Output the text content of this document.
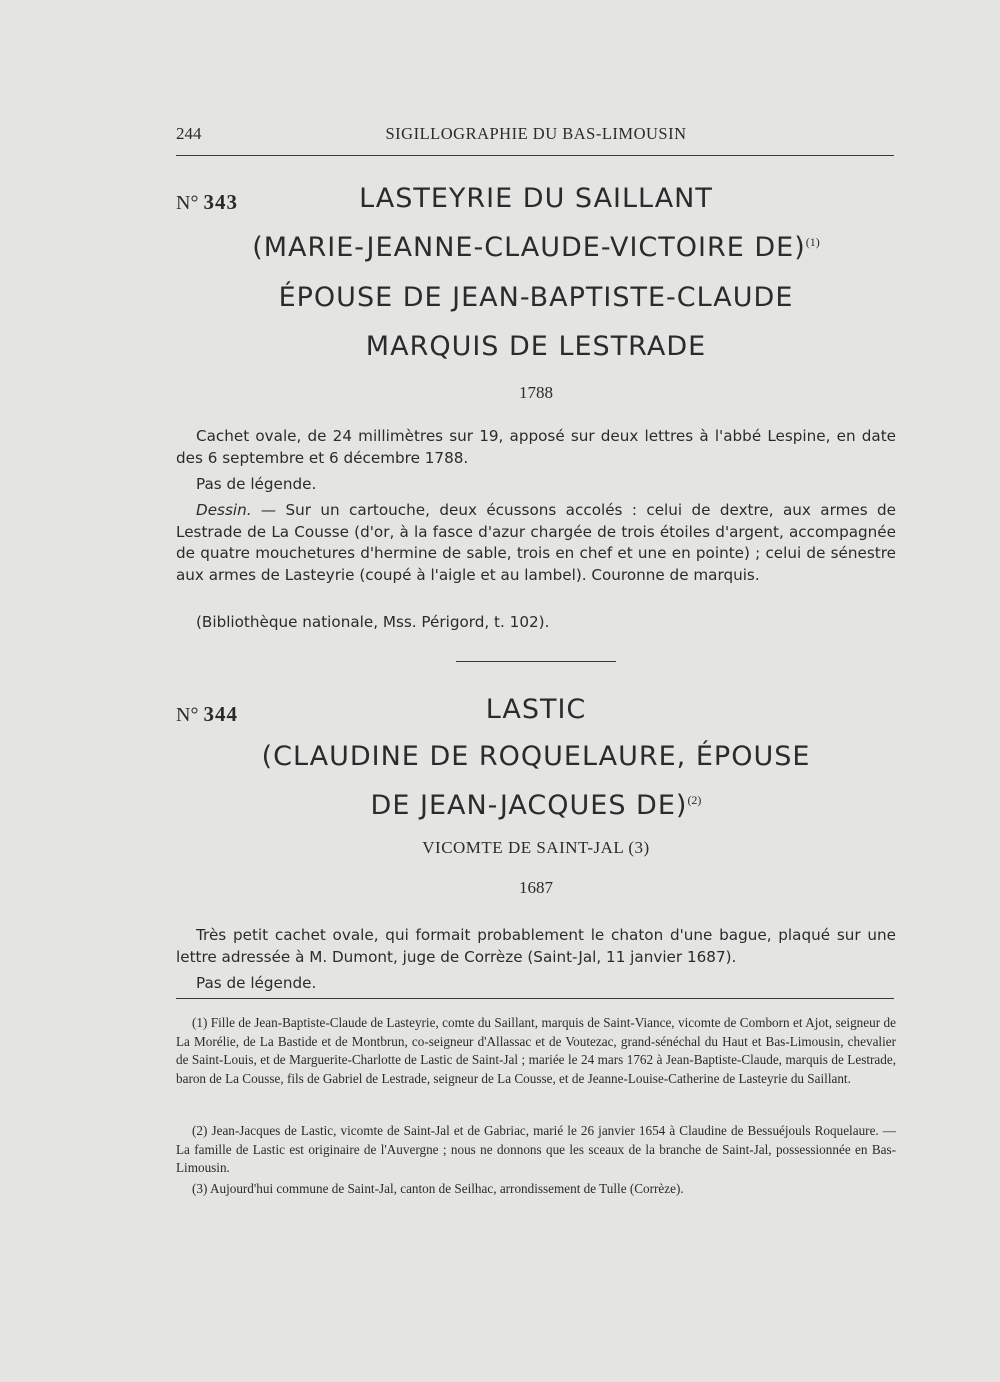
244	SIGILLOGRAPHIE DU BAS-LIMOUSIN
N° 343	LASTEYRIE DU SAILLANT
(MARIE-JEANNE-CLAUDE-VICTOIRE DE)$^{(1)}$
ÉPOUSE DE JEAN-BAPTISTE-CLAUDE
MARQUIS DE LESTRADE
1788
Cachet ovale, de 24 millimètres sur 19, apposé sur deux lettres à l'abbé Lespine, en date des 6 septembre et 6 décembre 1788.
Pas de légende.
Dessin. — Sur un cartouche, deux écussons accolés : celui de dextre, aux armes de Lestrade de La Cousse (d'or, à la fasce d'azur chargée de trois étoiles d'argent, accompagnée de quatre mouchetures d'hermine de sable, trois en chef et une en pointe) ; celui de sénestre aux armes de Lasteyrie (coupé à l'aigle et au lambel). Couronne de marquis.
(Bibliothèque nationale, Mss. Périgord, t. 102).
N° 344	LASTIC
(CLAUDINE DE ROQUELAURE, ÉPOUSE
DE JEAN-JACQUES DE)$^{(2)}$
VICOMTE DE SAINT-JAL (3)
1687
Très petit cachet ovale, qui formait probablement le chaton d'une bague, plaqué sur une lettre adressée à M. Dumont, juge de Corrèze (Saint-Jal, 11 janvier 1687).
Pas de légende.
(1) Fille de Jean-Baptiste-Claude de Lasteyrie, comte du Saillant, marquis de Saint-Viance, vicomte de Comborn et Ajot, seigneur de La Morélie, de La Bastide et de Montbrun, co-seigneur d'Allassac et de Voutezac, grand-sénéchal du Haut et Bas-Limousin, chevalier de Saint-Louis, et de Marguerite-Charlotte de Lastic de Saint-Jal ; mariée le 24 mars 1762 à Jean-Baptiste-Claude, marquis de Lestrade, baron de La Cousse, fils de Gabriel de Lestrade, seigneur de La Cousse, et de Jeanne-Louise-Catherine de Lasteyrie du Saillant.
(2) Jean-Jacques de Lastic, vicomte de Saint-Jal et de Gabriac, marié le 26 janvier 1654 à Claudine de Bessuéjouls Roquelaure. — La famille de Lastic est originaire de l'Auvergne ; nous ne donnons que les sceaux de la branche de Saint-Jal, possessionnée en Bas-Limousin.
(3) Aujourd'hui commune de Saint-Jal, canton de Seilhac, arrondissement de Tulle (Corrèze).
